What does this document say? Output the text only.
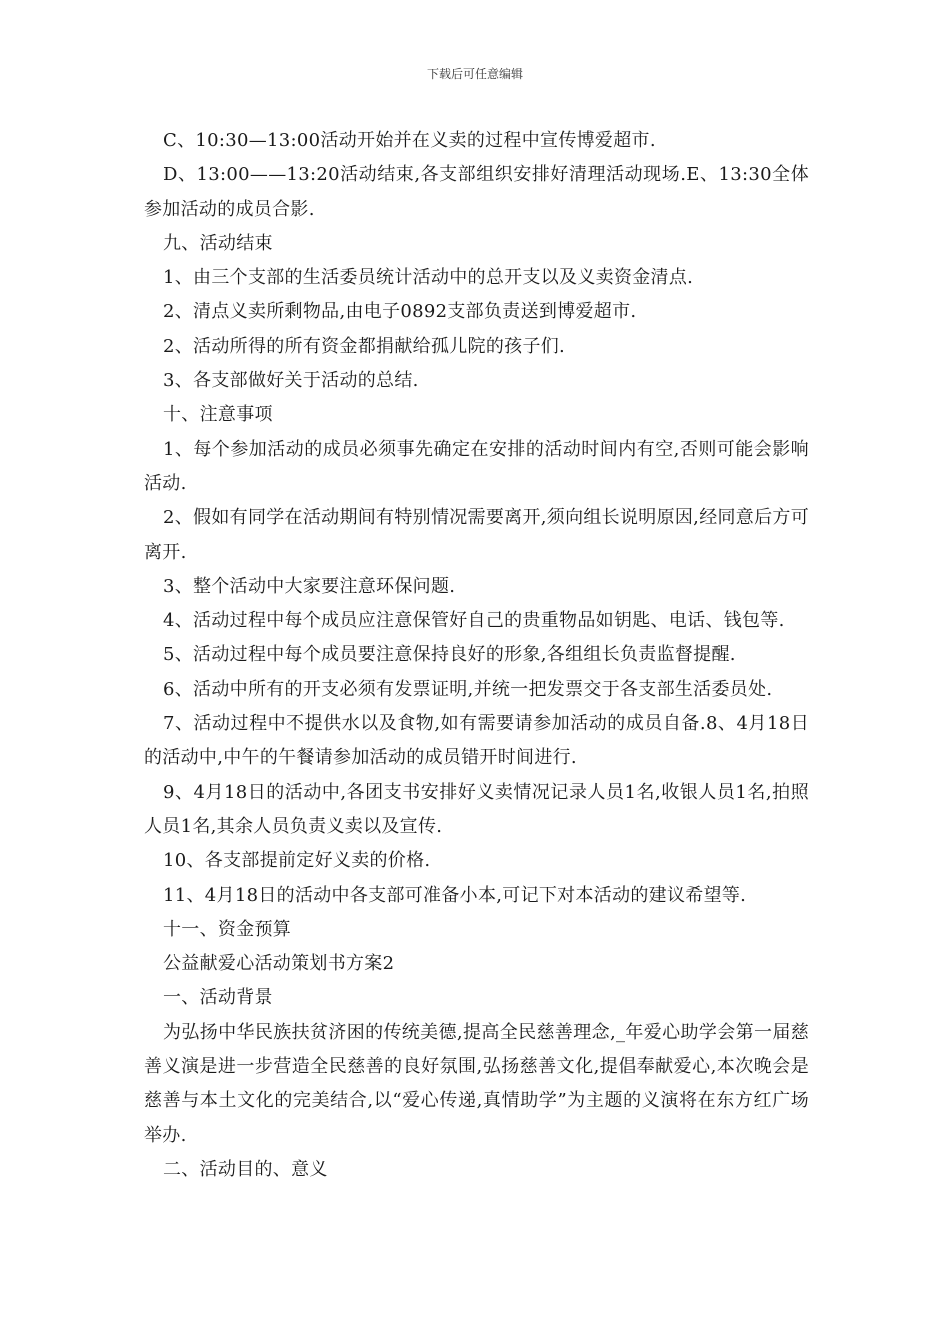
下载后可任意编辑

C、10:30—13:00活动开始并在义卖的过程中宣传博爱超市.

D、13:00——13:20活动结束,各支部组织安排好清理活动现场.E、13:30全体参加活动的成员合影.

九、活动结束

1、由三个支部的生活委员统计活动中的总开支以及义卖资金清点.

2、清点义卖所剩物品,由电子0892支部负责送到博爱超市.

2、活动所得的所有资金都捐献给孤儿院的孩子们.

3、各支部做好关于活动的总结.

十、注意事项

1、每个参加活动的成员必须事先确定在安排的活动时间内有空,否则可能会影响活动.

2、假如有同学在活动期间有特别情况需要离开,须向组长说明原因,经同意后方可离开.

3、整个活动中大家要注意环保问题.

4、活动过程中每个成员应注意保管好自己的贵重物品如钥匙、电话、钱包等.

5、活动过程中每个成员要注意保持良好的形象,各组组长负责监督提醒.

6、活动中所有的开支必须有发票证明,并统一把发票交于各支部生活委员处.

7、活动过程中不提供水以及食物,如有需要请参加活动的成员自备.8、4月18日的活动中,中午的午餐请参加活动的成员错开时间进行.

9、4月18日的活动中,各团支书安排好义卖情况记录人员1名,收银人员1名,拍照人员1名,其余人员负责义卖以及宣传.

10、各支部提前定好义卖的价格.

11、4月18日的活动中各支部可准备小本,可记下对本活动的建议希望等.

十一、资金预算

公益献爱心活动策划书方案2

一、活动背景

为弘扬中华民族扶贫济困的传统美德,提高全民慈善理念,_年爱心助学会第一届慈善义演是进一步营造全民慈善的良好氛围,弘扬慈善文化,提倡奉献爱心,本次晚会是慈善与本土文化的完美结合,以“爱心传递,真情助学”为主题的义演将在东方红广场举办.

二、活动目的、意义
